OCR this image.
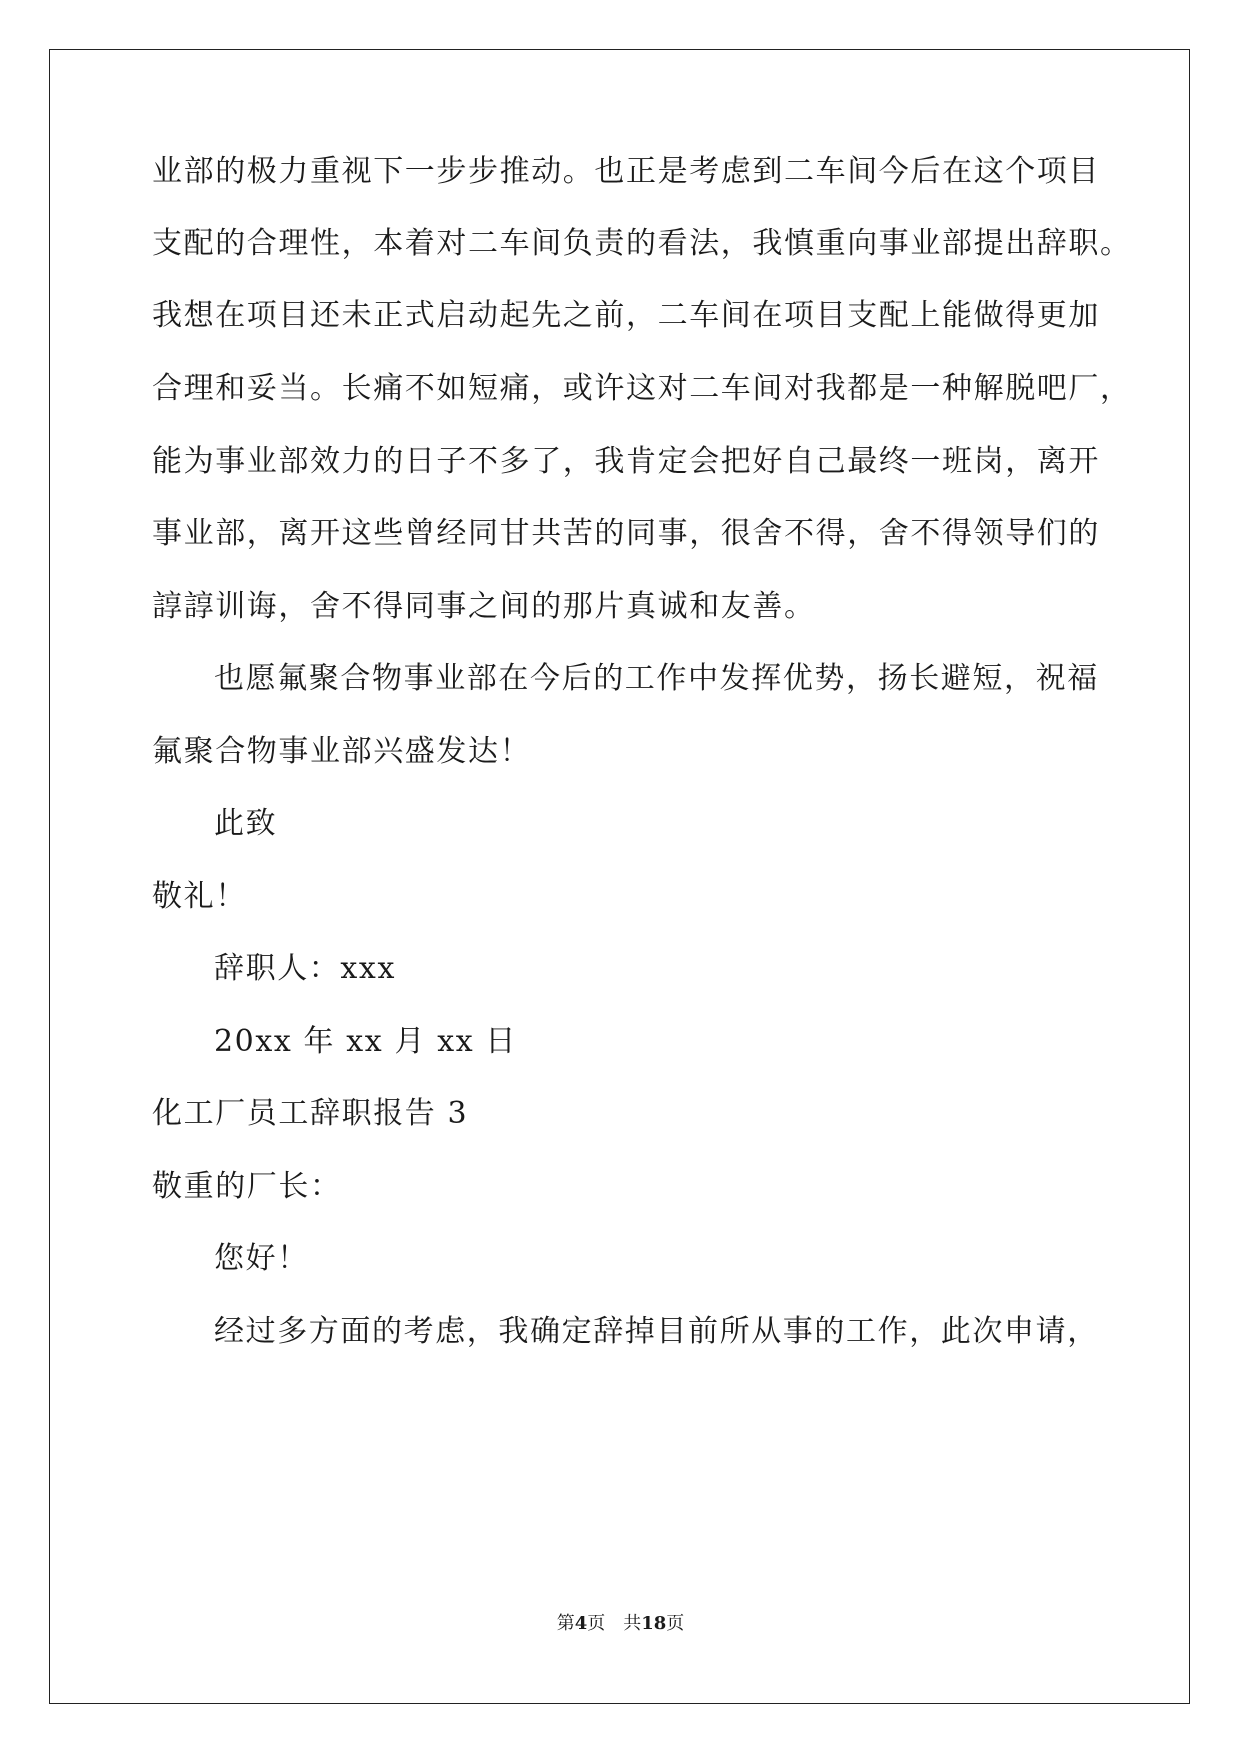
业部的极力重视下一步步推动。也正是考虑到二车间今后在这个项目
支配的合理性，本着对二车间负责的看法，我慎重向事业部提出辞职。
我想在项目还未正式启动起先之前，二车间在项目支配上能做得更加
合理和妥当。长痛不如短痛，或许这对二车间对我都是一种解脱吧厂，
能为事业部效力的日子不多了，我肯定会把好自己最终一班岗，离开
事业部，离开这些曾经同甘共苦的同事，很舍不得，舍不得领导们的
諄諄训诲，舍不得同事之间的那片真诚和友善。
也愿氟聚合物事业部在今后的工作中发挥优势，扬长避短，祝福
氟聚合物事业部兴盛发达！
此致
敬礼！
辞职人：xxx
20xx 年 xx 月 xx 日
化工厂员工辞职报告 3
敬重的厂长：
您好！
经过多方面的考虑，我确定辞掉目前所从事的工作，此次申请，
第4页 共18页
